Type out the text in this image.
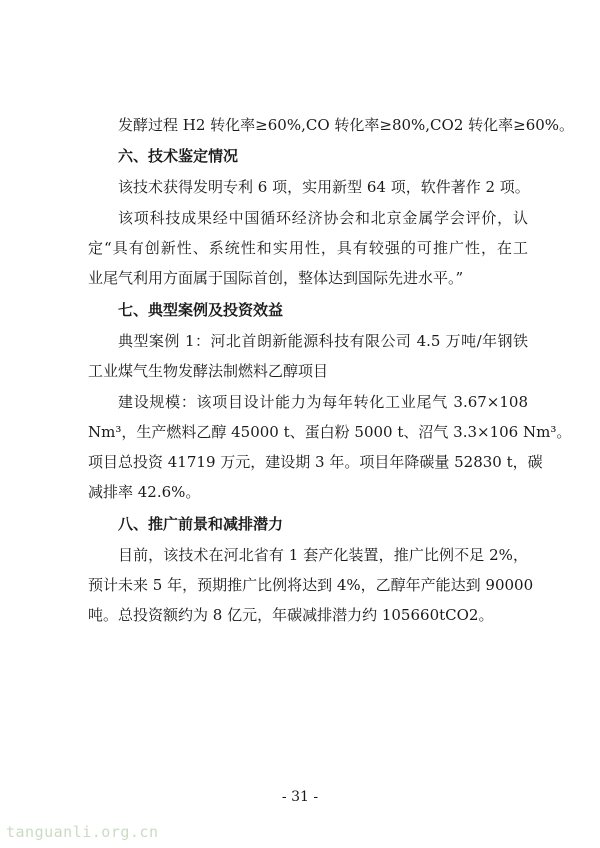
发酵过程 H2 转化率≥60%,CO 转化率≥80%,CO2 转化率≥60%。
六、技术鉴定情况
该技术获得发明专利 6 项，实用新型 64 项，软件著作 2 项。
该项科技成果经中国循环经济协会和北京金属学会评价，认
定“具有创新性、系统性和实用性，具有较强的可推广性，在工
业尾气利用方面属于国际首创，整体达到国际先进水平。”
七、典型案例及投资效益
典型案例 1：河北首朗新能源科技有限公司 4.5 万吨/年钢铁
工业煤气生物发酵法制燃料乙醇项目
建设规模：该项目设计能力为每年转化工业尾气 3.67×108
Nm³，生产燃料乙醇 45000 t、蛋白粉 5000 t、沼气 3.3×106 Nm³。
项目总投资 41719 万元，建设期 3 年。项目年降碳量 52830 t，碳
减排率 42.6%。
八、推广前景和减排潜力
目前，该技术在河北省有 1 套产化装置，推广比例不足 2%，
预计未来 5 年，预期推广比例将达到 4%，乙醇年产能达到 90000
吨。总投资额约为 8 亿元，年碳减排潜力约 105660tCO2。
- 31 -
tanguanli.org.cn
